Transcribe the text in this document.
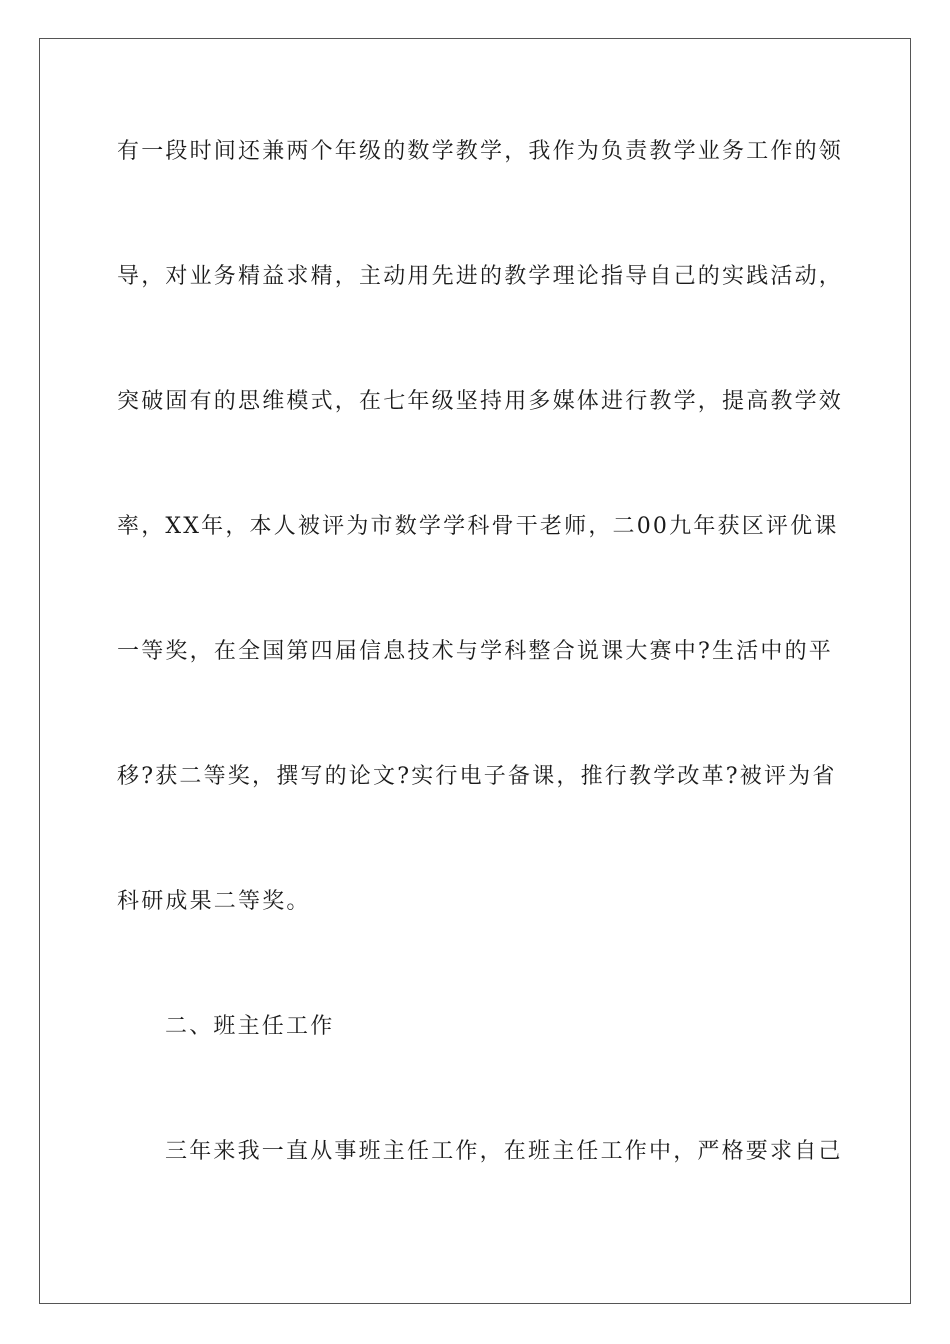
有一段时间还兼两个年级的数学教学，我作为负责教学业务工作的领
导，对业务精益求精，主动用先进的教学理论指导自己的实践活动，
突破固有的思维模式，在七年级坚持用多媒体进行教学，提高教学效
率，XX年，本人被评为市数学学科骨干老师，二00九年获区评优课
一等奖，在全国第四届信息技术与学科整合说课大赛中?生活中的平
移?获二等奖，撰写的论文?实行电子备课，推行教学改革?被评为省
科研成果二等奖。
二、班主任工作
三年来我一直从事班主任工作，在班主任工作中，严格要求自己
